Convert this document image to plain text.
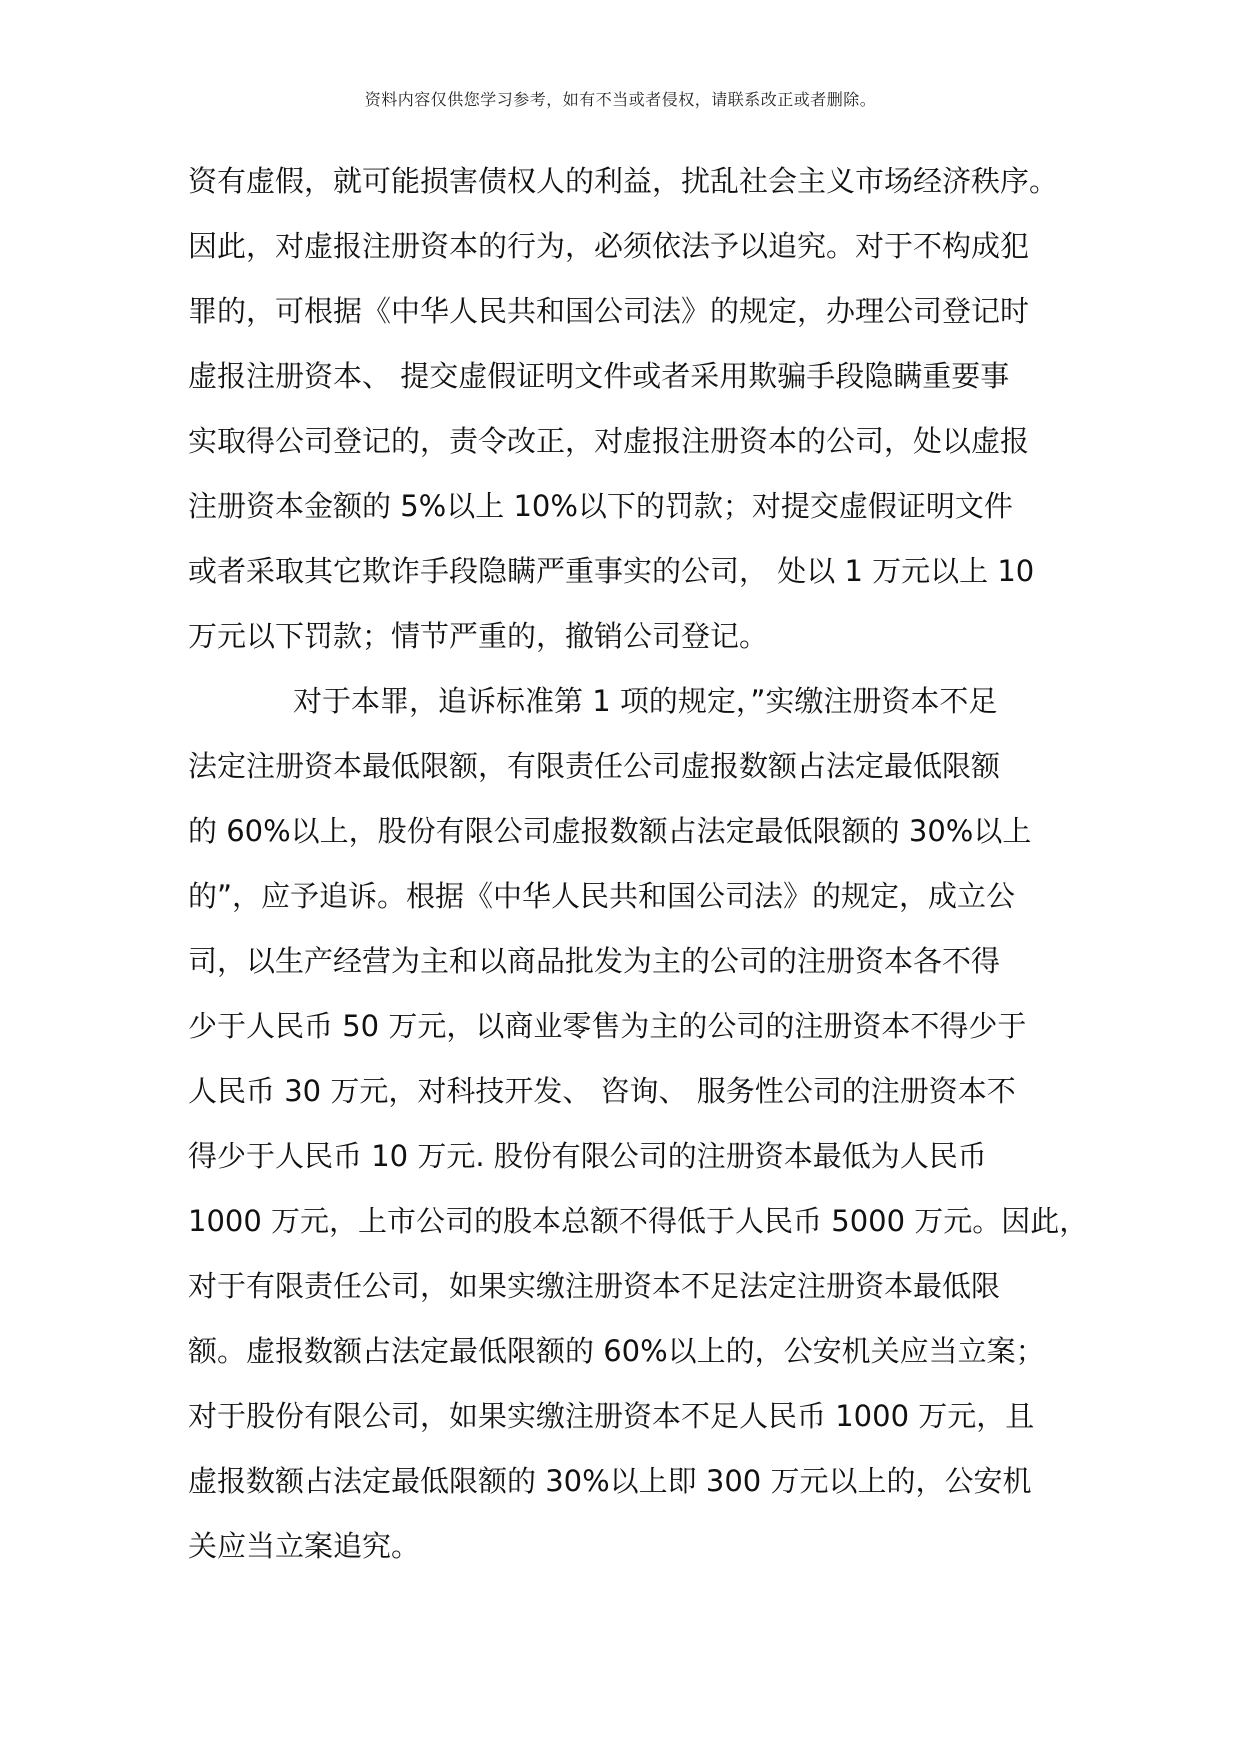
资料内容仅供您学习参考，如有不当或者侵权，请联系改正或者删除。
资有虚假，就可能损害债权人的利益，扰乱社会主义市场经济秩序。
因此，对虚报注册资本的行为，必须依法予以追究。对于不构成犯
罪的，可根据《中华人民共和国公司法》的规定，办理公司登记时
虚报注册资本、 提交虚假证明文件或者采用欺骗手段隐瞒重要事
实取得公司登记的，责令改正，对虚报注册资本的公司，处以虚报
注册资本金额的 5%以上 10%以下的罚款；对提交虚假证明文件
或者采取其它欺诈手段隐瞒严重事实的公司， 处以 1 万元以上 10
万元以下罚款；情节严重的，撤销公司登记。
对于本罪，追诉标准第 1 项的规定，”实缴注册资本不足
法定注册资本最低限额，有限责任公司虚报数额占法定最低限额
的 60%以上，股份有限公司虚报数额占法定最低限额的 30%以上
的”，应予追诉。根据《中华人民共和国公司法》的规定，成立公
司，以生产经营为主和以商品批发为主的公司的注册资本各不得
少于人民币 50 万元，以商业零售为主的公司的注册资本不得少于
人民币 30 万元，对科技开发、 咨询、 服务性公司的注册资本不
得少于人民币 10 万元. 股份有限公司的注册资本最低为人民币
1000 万元，上市公司的股本总额不得低于人民币 5000 万元。因此，
对于有限责任公司，如果实缴注册资本不足法定注册资本最低限
额。虚报数额占法定最低限额的 60%以上的，公安机关应当立案；
对于股份有限公司，如果实缴注册资本不足人民币 1000 万元，且
虚报数额占法定最低限额的 30%以上即 300 万元以上的，公安机
关应当立案追究。
